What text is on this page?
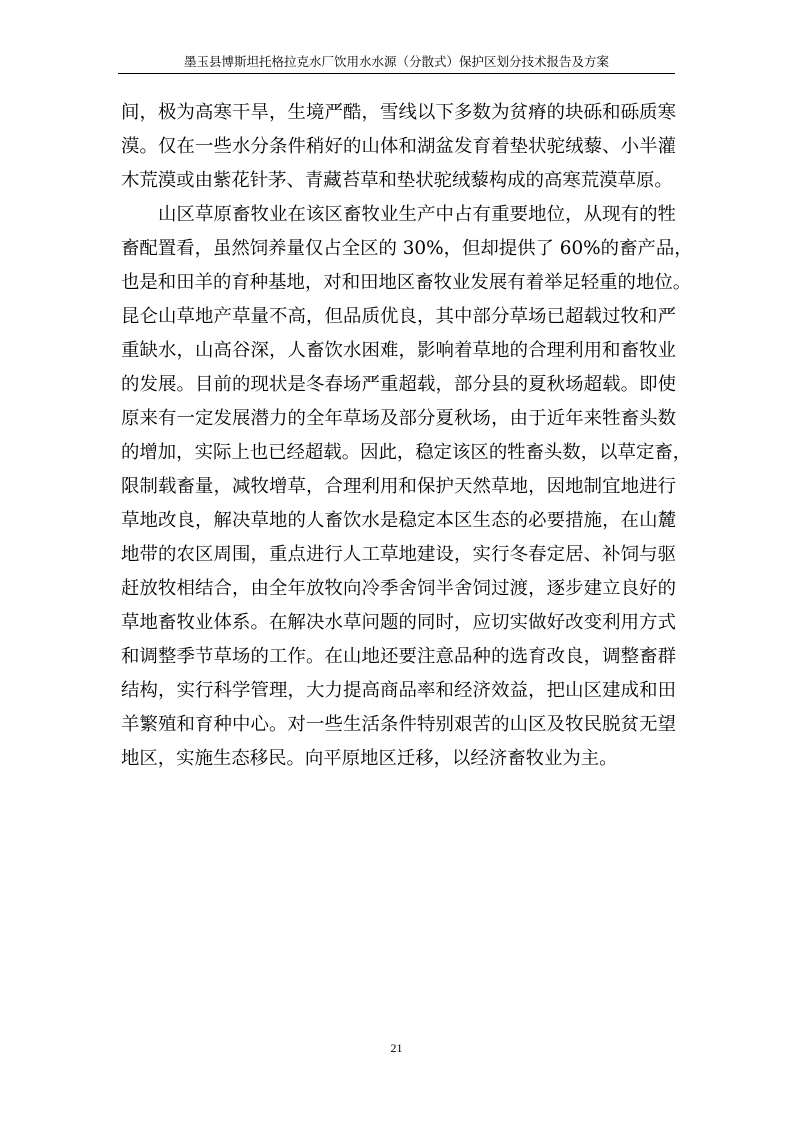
墨玉县博斯坦托格拉克水厂饮用水水源（分散式）保护区划分技术报告及方案
间，极为高寒干旱，生境严酷，雪线以下多数为贫瘠的块砾和砾质寒
漠。仅在一些水分条件稍好的山体和湖盆发育着垫状驼绒藜、小半灌
木荒漠或由紫花针茅、青藏苔草和垫状驼绒藜构成的高寒荒漠草原。
山区草原畜牧业在该区畜牧业生产中占有重要地位，从现有的牲
畜配置看，虽然饲养量仅占全区的 30%，但却提供了 60%的畜产品，
也是和田羊的育种基地，对和田地区畜牧业发展有着举足轻重的地位。
昆仑山草地产草量不高，但品质优良，其中部分草场已超载过牧和严
重缺水，山高谷深，人畜饮水困难，影响着草地的合理利用和畜牧业
的发展。目前的现状是冬春场严重超载，部分县的夏秋场超载。即使
原来有一定发展潜力的全年草场及部分夏秋场，由于近年来牲畜头数
的增加，实际上也已经超载。因此，稳定该区的牲畜头数，以草定畜，
限制载畜量，减牧增草，合理利用和保护天然草地，因地制宜地进行
草地改良，解决草地的人畜饮水是稳定本区生态的必要措施，在山麓
地带的农区周围，重点进行人工草地建设，实行冬春定居、补饲与驱
赶放牧相结合，由全年放牧向冷季舍饲半舍饲过渡，逐步建立良好的
草地畜牧业体系。在解决水草问题的同时，应切实做好改变利用方式
和调整季节草场的工作。在山地还要注意品种的选育改良，调整畜群
结构，实行科学管理，大力提高商品率和经济效益，把山区建成和田
羊繁殖和育种中心。对一些生活条件特别艰苦的山区及牧民脱贫无望
地区，实施生态移民。向平原地区迁移，以经济畜牧业为主。
21
